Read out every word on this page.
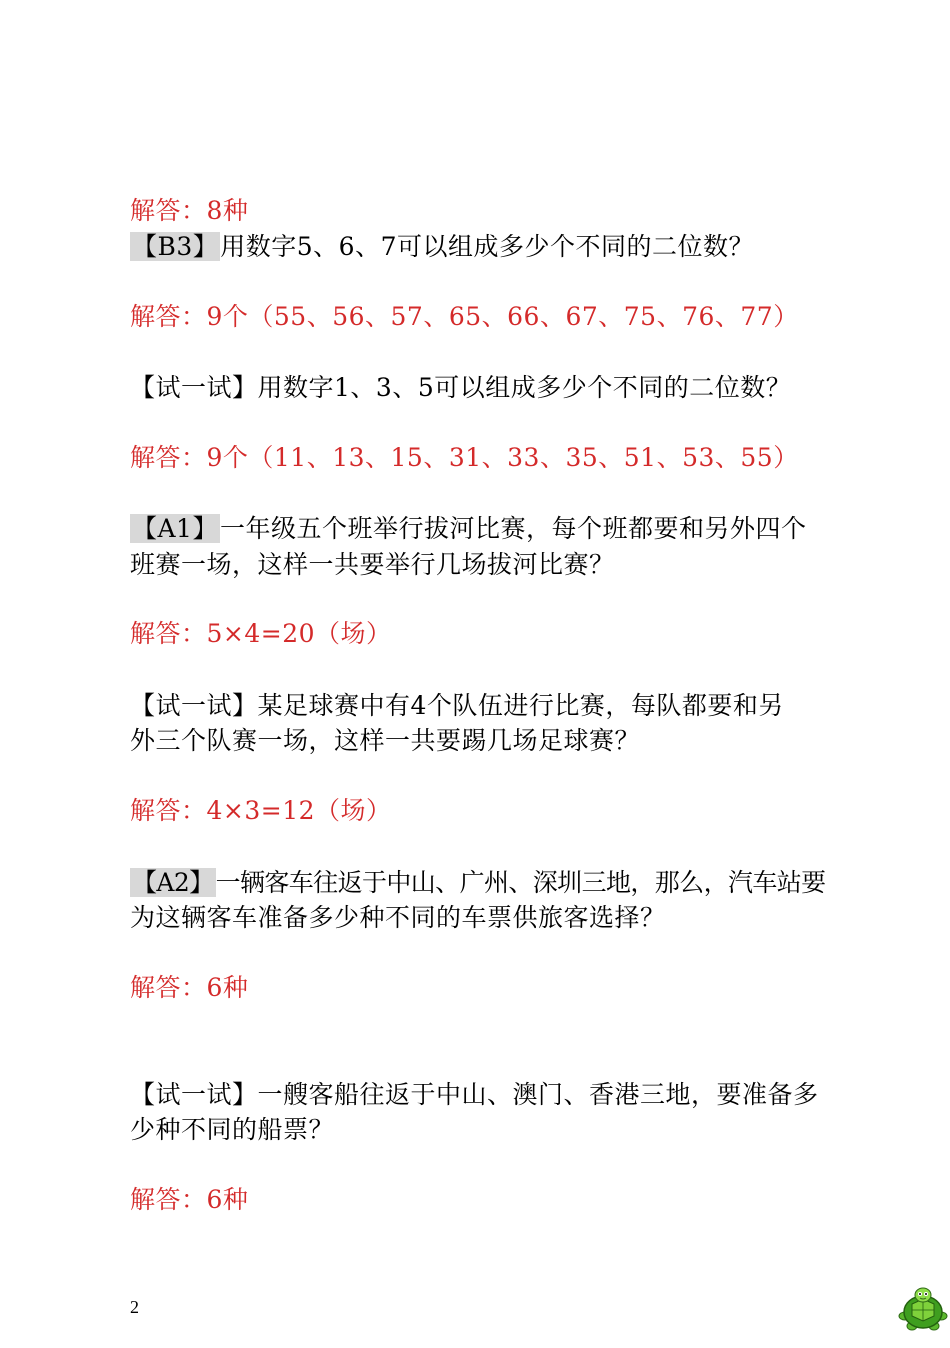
解答：8种

【B3】用数字5、6、7可以组成多少个不同的二位数？

解答：9个（55、56、57、65、66、67、75、76、77）

【试一试】用数字1、3、5可以组成多少个不同的二位数？

解答：9个（11、13、15、31、33、35、51、53、55）

【A1】一年级五个班举行拔河比赛，每个班都要和另外四个

班赛一场，这样一共要举行几场拔河比赛？

解答：5×4=20（场）

【试一试】某足球赛中有4个队伍进行比赛，每队都要和另

外三个队赛一场，这样一共要踢几场足球赛？

解答：4×3=12（场）

【A2】一辆客车往返于中山、广州、深圳三地，那么，汽车站要

为这辆客车准备多少种不同的车票供旅客选择？

解答：6种

【试一试】一艘客船往返于中山、澳门、香港三地，要准备多

少种不同的船票？

解答：6种

2
